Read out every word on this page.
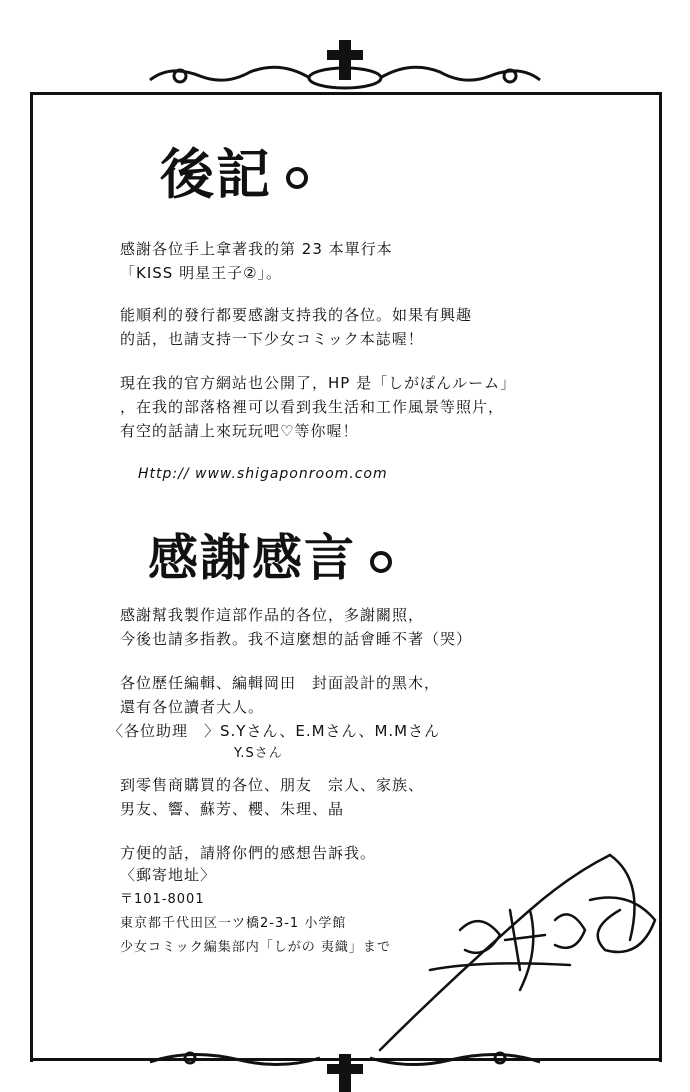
後記
感謝各位手上拿著我的第 23 本單行本
「KISS 明星王子②」。
能順利的發行都要感謝支持我的各位。如果有興趣
的話，也請支持一下少女コミック本誌喔！
現在我的官方網站也公開了，HP 是「しがぽんルーム」
，在我的部落格裡可以看到我生活和工作風景等照片，
有空的話請上來玩玩吧♡等你喔！
Http:// www.shigaponroom.com
感謝感言
感謝幫我製作這部作品的各位，多謝關照，
今後也請多指教。我不這麼想的話會睡不著（哭）
各位歷任編輯、編輯岡田　封面設計的黑木，
還有各位讀者大人。
〈各位助理　〉S.Yさん、E.Mさん、M.Mさん
Y.Sさん
到零售商購買的各位、朋友　宗人、家族、
男友、響、蘇芳、櫻、朱理、晶
方便的話，請將你們的感想告訴我。
〈郵寄地址〉
〒101-8001
東京都千代田区一ツ橋2-3-1 小学館
少女コミック編集部内「しがの 夷織」まで
